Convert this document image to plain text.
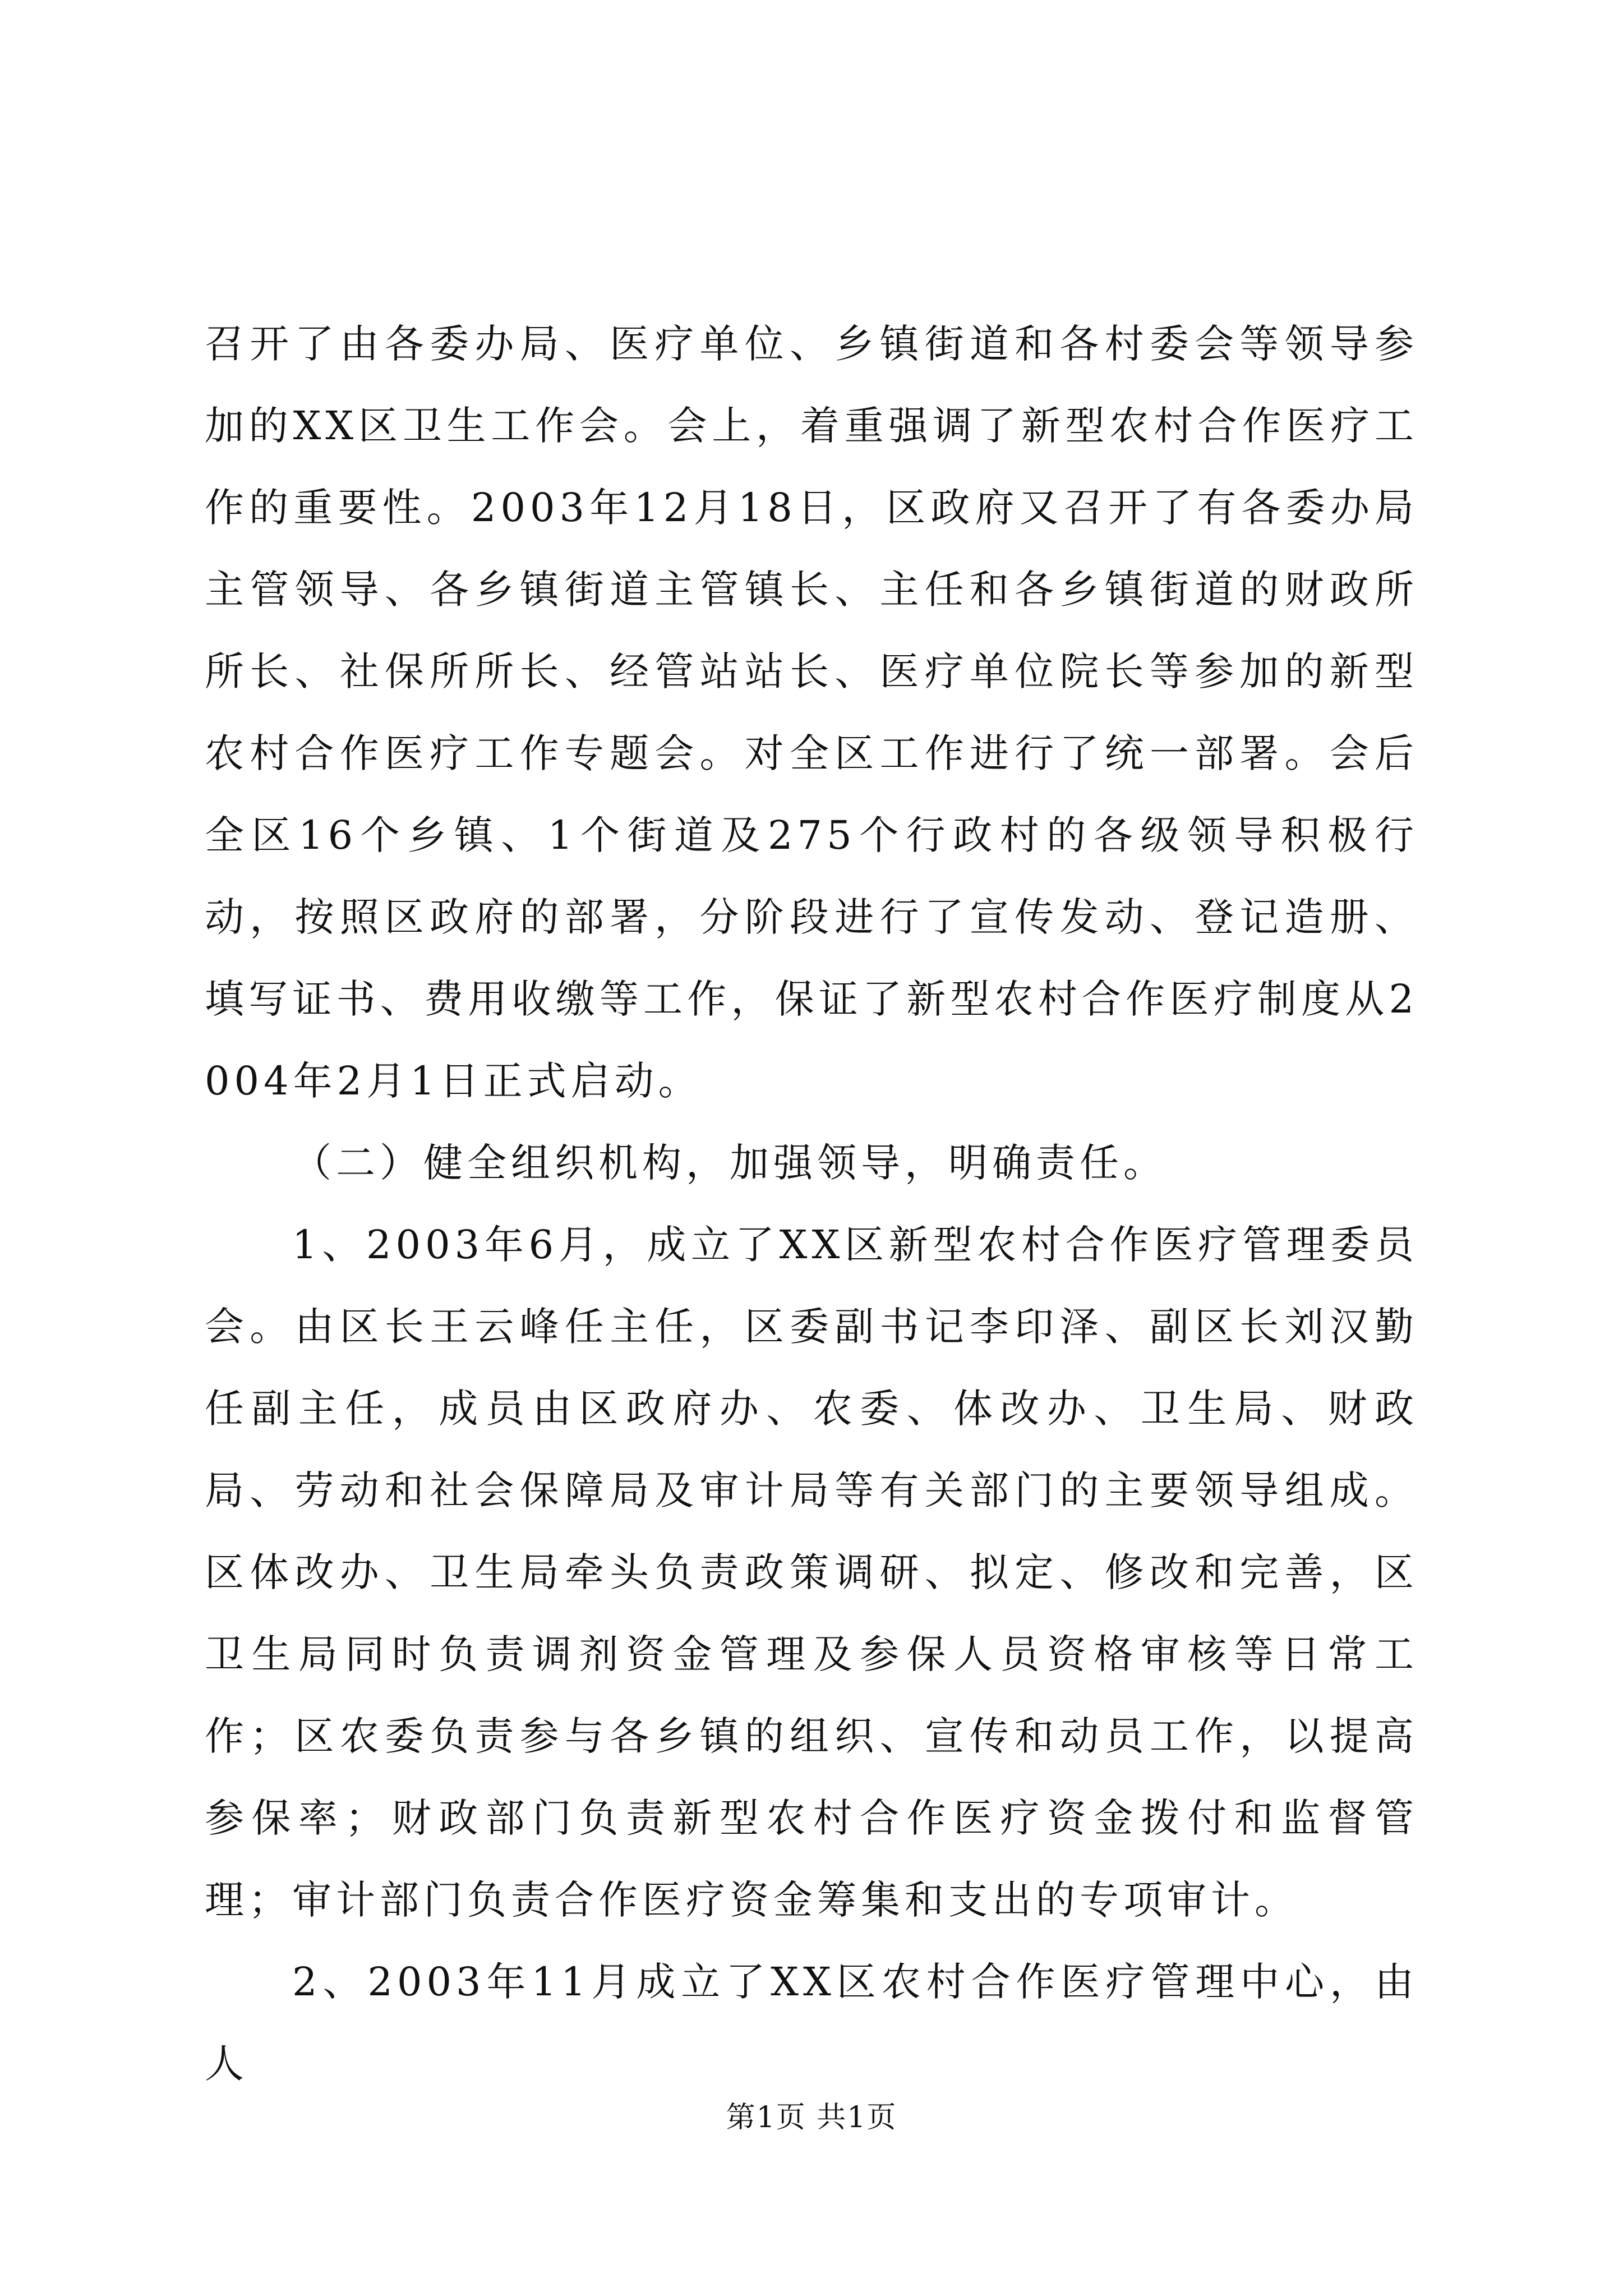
召开了由各委办局、医疗单位、乡镇街道和各村委会等领导参加的XX区卫生工作会。会上，着重强调了新型农村合作医疗工作的重要性。2003年12月18日，区政府又召开了有各委办局主管领导、各乡镇街道主管镇长、主任和各乡镇街道的财政所所长、社保所所长、经管站站长、医疗单位院长等参加的新型农村合作医疗工作专题会。对全区工作进行了统一部署。会后全区16个乡镇、1个街道及275个行政村的各级领导积极行动，按照区政府的部署，分阶段进行了宣传发动、登记造册、填写证书、费用收缴等工作，保证了新型农村合作医疗制度从2004年2月1日正式启动。

（二）健全组织机构，加强领导，明确责任。

1、2003年6月，成立了XX区新型农村合作医疗管理委员会。由区长王云峰任主任，区委副书记李印泽、副区长刘汉勤任副主任，成员由区政府办、农委、体改办、卫生局、财政局、劳动和社会保障局及审计局等有关部门的主要领导组成。区体改办、卫生局牵头负责政策调研、拟定、修改和完善，区卫生局同时负责调剂资金管理及参保人员资格审核等日常工作；区农委负责参与各乡镇的组织、宣传和动员工作，以提高参保率；财政部门负责新型农村合作医疗资金拨付和监督管理；审计部门负责合作医疗资金筹集和支出的专项审计。

2、2003年11月成立了XX区农村合作医疗管理中心，由人

第1页 共1页
